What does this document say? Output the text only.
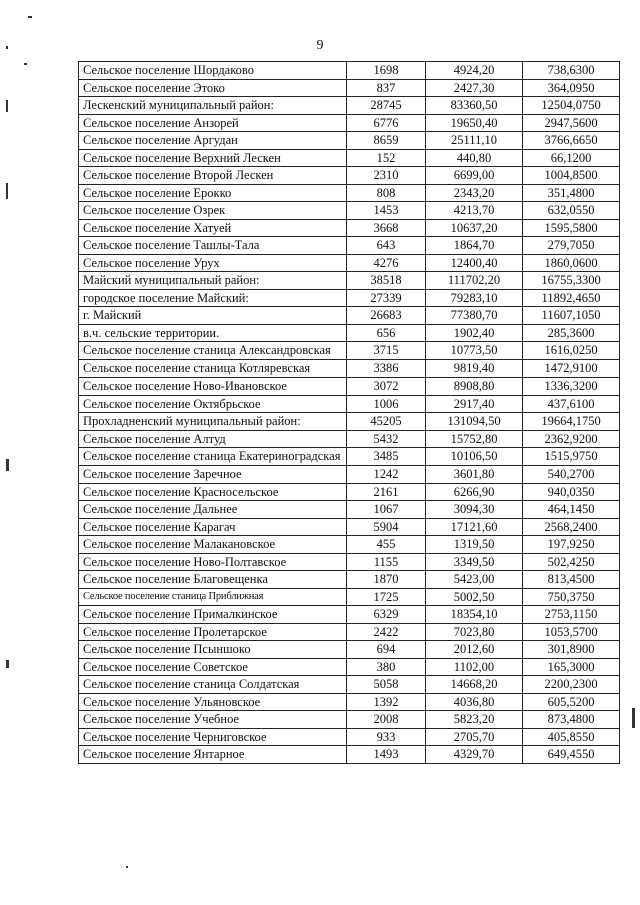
9
Сельское поселение Шордаково	1698	4924,20	738,6300
Сельское поселение Этоко	837	2427,30	364,0950
Лескенский муниципальный район:	28745	83360,50	12504,0750
Сельское поселение Анзорей	6776	19650,40	2947,5600
Сельское поселение Аргудан	8659	25111,10	3766,6650
Сельское поселение Верхний Лескен	152	440,80	66,1200
Сельское поселение Второй Лескен	2310	6699,00	1004,8500
Сельское поселение Ерокко	808	2343,20	351,4800
Сельское поселение Озрек	1453	4213,70	632,0550
Сельское поселение Хатуей	3668	10637,20	1595,5800
Сельское поселение Ташлы-Тала	643	1864,70	279,7050
Сельское поселение Урух	4276	12400,40	1860,0600
Майский муниципальный район:	38518	111702,20	16755,3300
городское поселение Майский:	27339	79283,10	11892,4650
г. Майский	26683	77380,70	11607,1050
в.ч. сельские территории.	656	1902,40	285,3600
Сельское поселение станица Александровская	3715	10773,50	1616,0250
Сельское поселение станица Котляревская	3386	9819,40	1472,9100
Сельское поселение Ново-Ивановское	3072	8908,80	1336,3200
Сельское поселение Октябрьское	1006	2917,40	437,6100
Прохладненский муниципальный район:	45205	131094,50	19664,1750
Сельское поселение Алтуд	5432	15752,80	2362,9200
Сельское поселение станица Екатериноградская	3485	10106,50	1515,9750
Сельское поселение Заречное	1242	3601,80	540,2700
Сельское поселение Красносельское	2161	6266,90	940,0350
Сельское поселение Дальнее	1067	3094,30	464,1450
Сельское поселение Карагач	5904	17121,60	2568,2400
Сельское поселение Малакановское	455	1319,50	197,9250
Сельское поселение Ново-Полтавское	1155	3349,50	502,4250
Сельское поселение Благовещенка	1870	5423,00	813,4500
Сельское поселение станица Приближная	1725	5002,50	750,3750
Сельское поселение Прималкинское	6329	18354,10	2753,1150
Сельское поселение Пролетарское	2422	7023,80	1053,5700
Сельское поселение Псыншоко	694	2012,60	301,8900
Сельское поселение Советское	380	1102,00	165,3000
Сельское поселение станица Солдатская	5058	14668,20	2200,2300
Сельское поселение Ульяновское	1392	4036,80	605,5200
Сельское поселение Учебное	2008	5823,20	873,4800
Сельское поселение Черниговское	933	2705,70	405,8550
Сельское поселение Янтарное	1493	4329,70	649,4550
